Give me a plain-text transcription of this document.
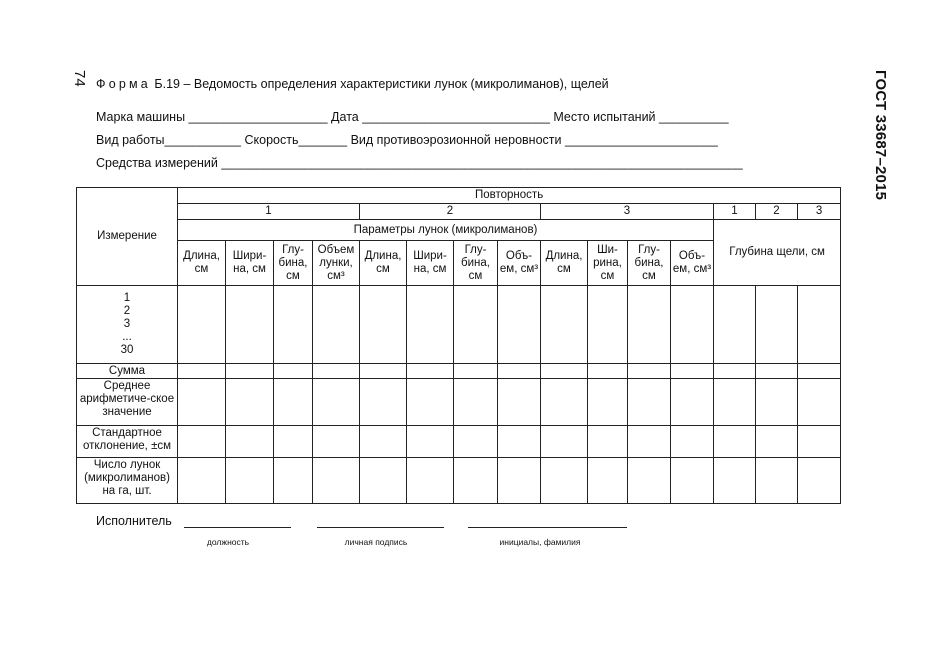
74	ГОСТ 33687–2015
Форма Б.19 – Ведомость определения характеристики лунок (микролиманов), щелей
Марка машины ____________________ Дата ___________________________ Место испытаний __________
Вид работы___________ Скорость_______ Вид противоэрозионной неровности ______________________
Средства измерений ___________________________________________________________________________
Измерение	Повторность														
	1				2				3				1	2	3
	Параметры лунок (микролиманов)												Глубина щели, см		
	Длина, см	Шири-на, см	Глу-бина, см	Объем лунки, см³	Длина, см	Шири-на, см	Глу-бина, см	Объ-ем, см³	Длина, см	Ши-рина, см	Глу-бина, см	Объ-ем, см³			

1
2
3
...
30															

Сумма															
Среднее арифметиче-ское значение															
Стандартное отклонение, ±см															
Число лунок (микролиманов) на га, шт.															
Исполнитель
должность	личная подпись	инициалы, фамилия
